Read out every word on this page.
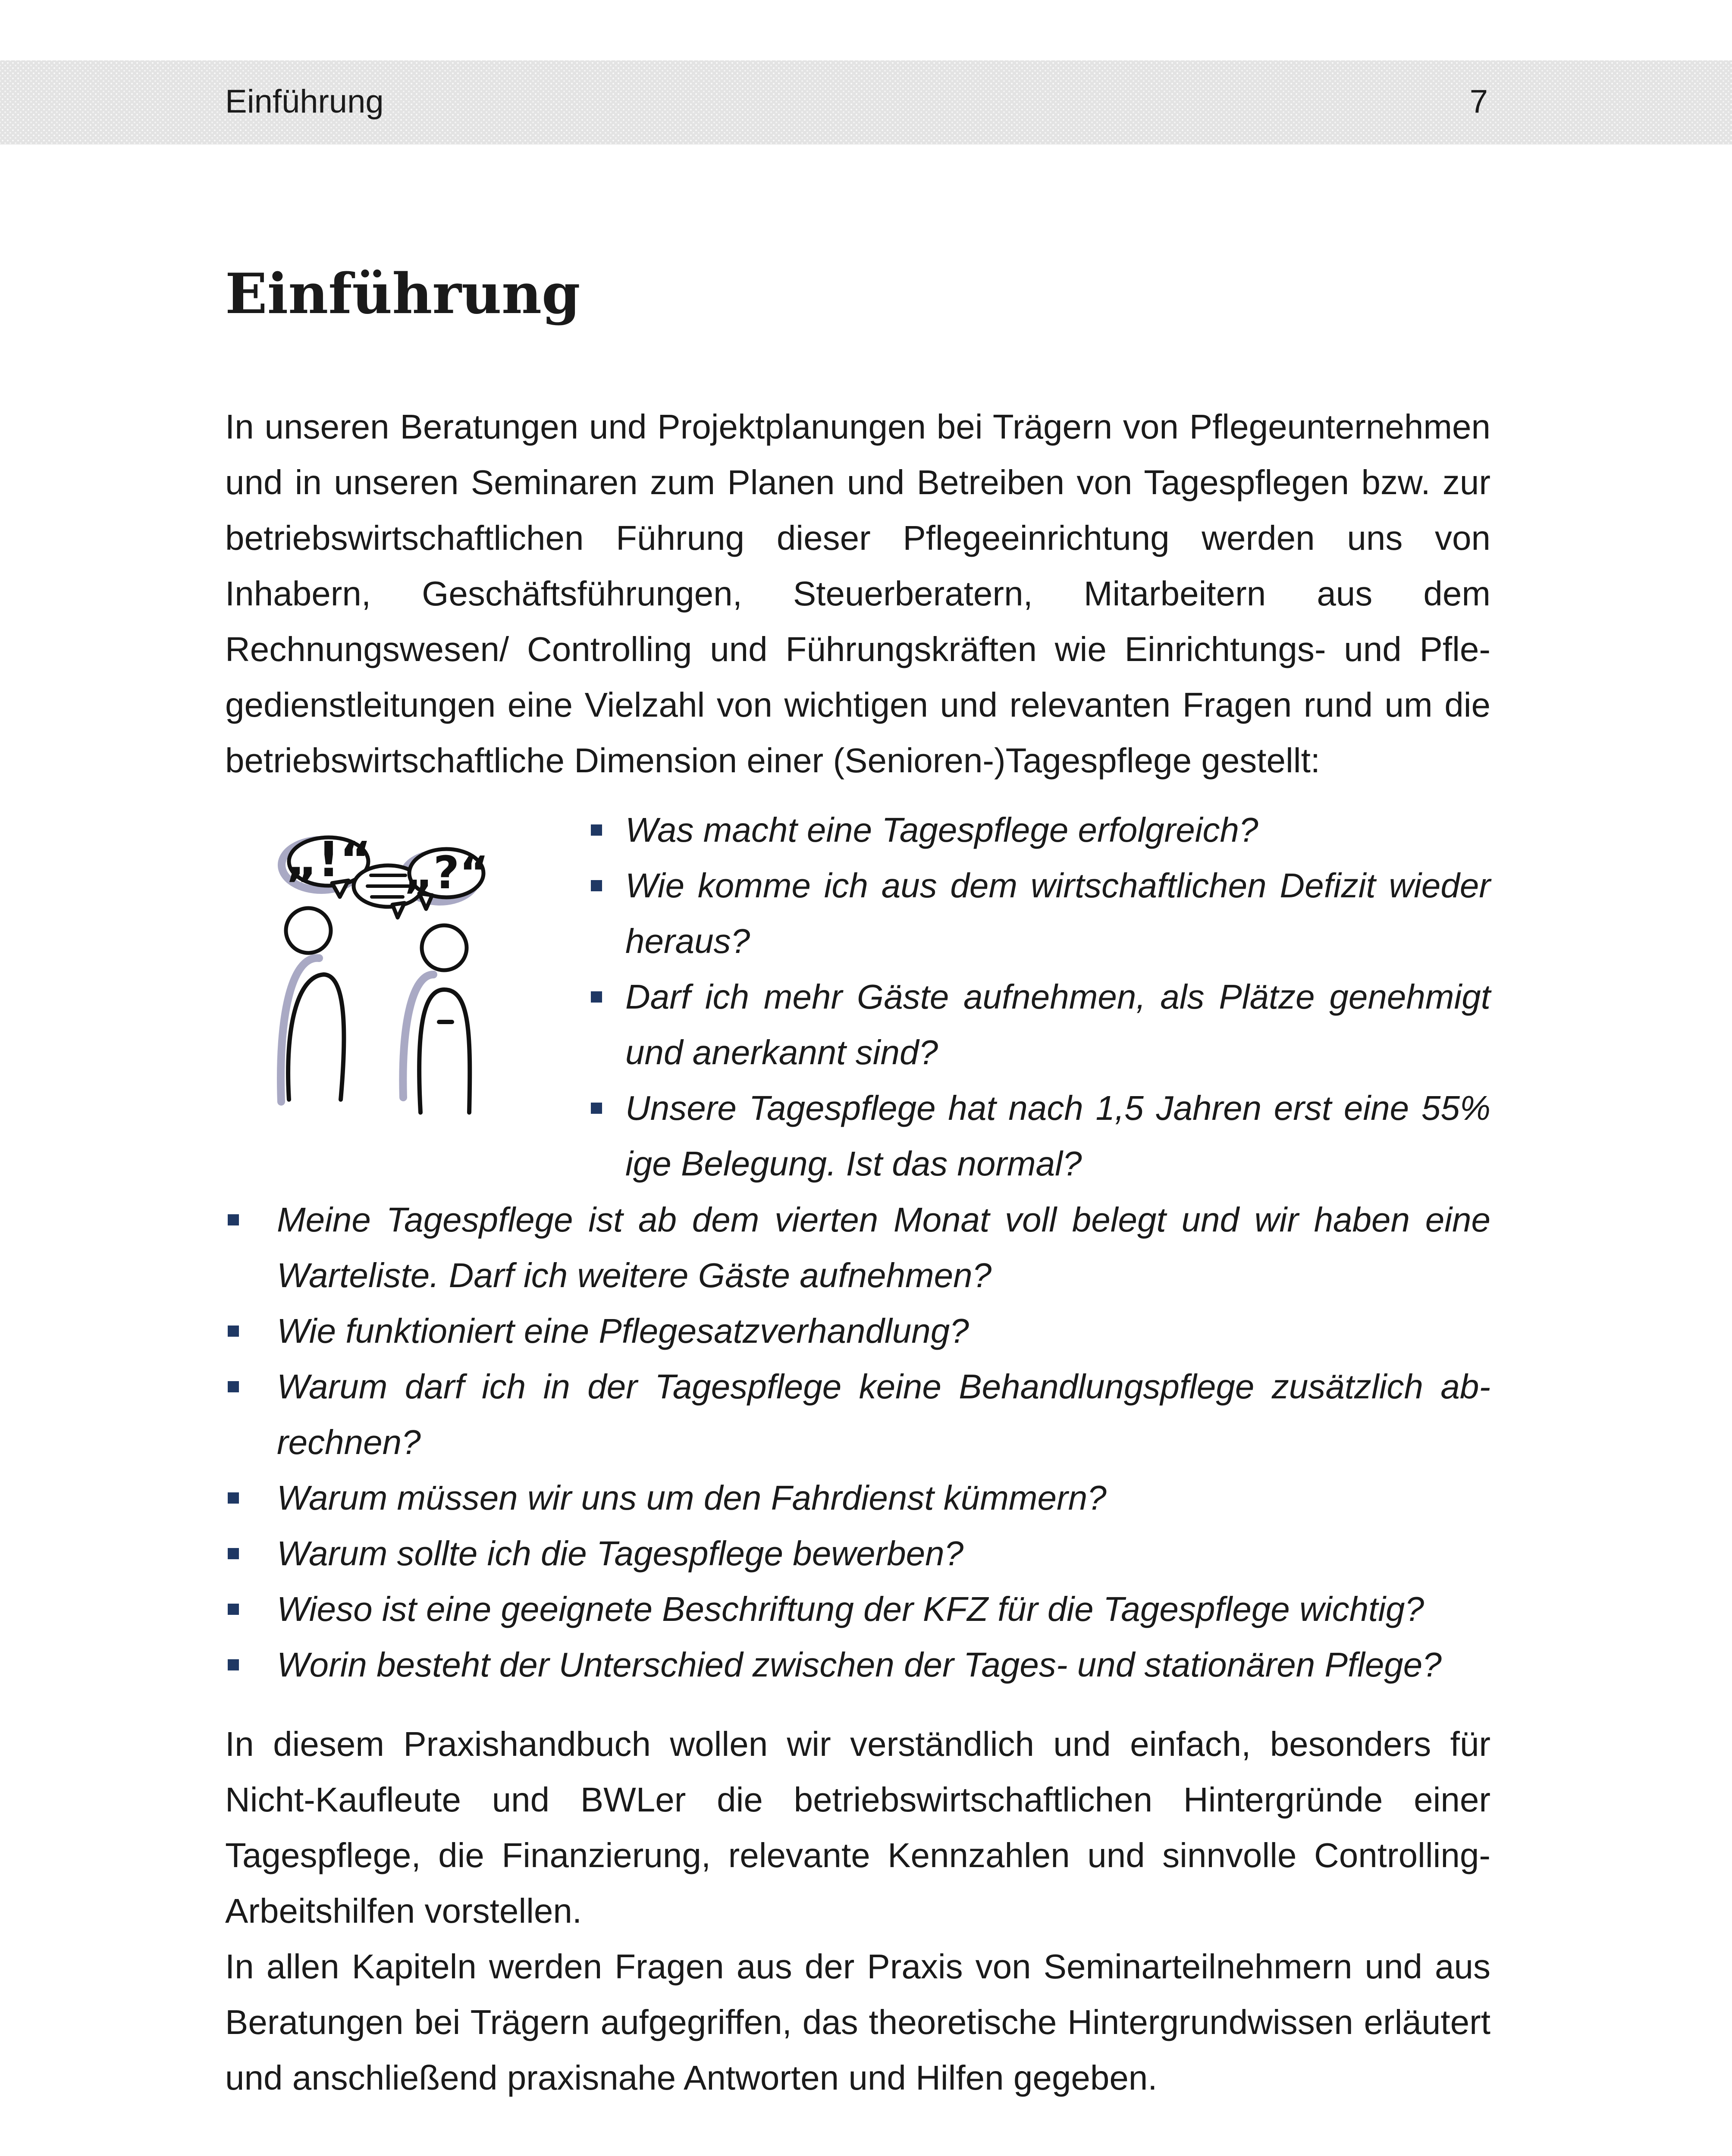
Einführung	7
Einführung

In unseren Beratungen und Projektplanungen bei Trägern von Pflegeunternehmen und in unseren Seminaren zum Planen und Betreiben von Tagespflegen bzw. zur betriebswirtschaftlichen Führung dieser Pflegeeinrichtung werden uns von Inhabern, Geschäftsführungen, Steuerberatern, Mitarbeitern aus dem Rechnungswesen/ Controlling und Führungskräften wie Einrichtungs- und Pflegedienstleitungen eine Vielzahl von wichtigen und relevanten Fragen rund um die betriebswirtschaftliche Dimension einer (Senioren-)Tagespflege gestellt:

„!“ „?“
Was macht eine Tagespflege erfolgreich?
Wie komme ich aus dem wirtschaftlichen Defizit wieder heraus?
Darf ich mehr Gäste aufnehmen, als Plätze genehmigt und anerkannt sind?
Unsere Tagespflege hat nach 1,5 Jahren erst eine 55% ige Belegung. Ist das normal?
Meine Tagespflege ist ab dem vierten Monat voll belegt und wir haben eine Warteliste. Darf ich weitere Gäste aufnehmen?
Wie funktioniert eine Pflegesatzverhandlung?
Warum darf ich in der Tagespflege keine Behandlungspflege zusätzlich abrechnen?
Warum müssen wir uns um den Fahrdienst kümmern?
Warum sollte ich die Tagespflege bewerben?
Wieso ist eine geeignete Beschriftung der KFZ für die Tagespflege wichtig?
Worin besteht der Unterschied zwischen der Tages- und stationären Pflege?

In diesem Praxishandbuch wollen wir verständlich und einfach, besonders für Nicht-Kaufleute und BWLer die betriebswirtschaftlichen Hintergründe einer Tagespflege, die Finanzierung, relevante Kennzahlen und sinnvolle Controlling-Arbeitshilfen vorstellen.

In allen Kapiteln werden Fragen aus der Praxis von Seminarteilnehmern und aus Beratungen bei Trägern aufgegriffen, das theoretische Hintergrundwissen erläutert und anschließend praxisnahe Antworten und Hilfen gegeben.
